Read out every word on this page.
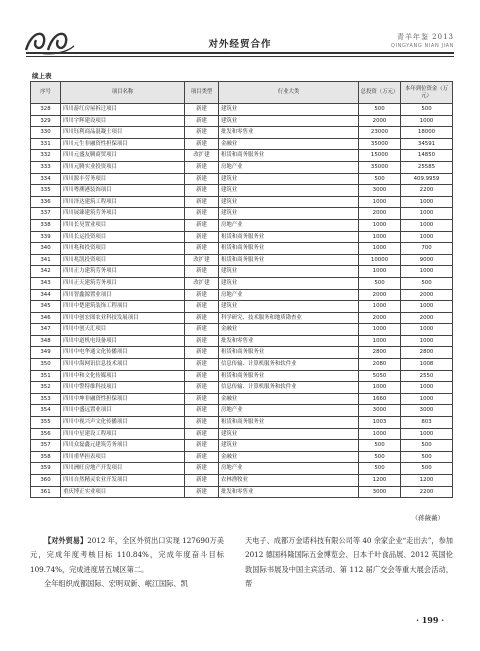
对外经贸合作
青羊年鉴 2013
QINGYANG NIAN JIAN
续上表
序号	项目名称	项目类型	行业大类	总投资（万元）	本年到位资金（万元）
328	四川游红房屋拆迁项目	新建	建筑业	500	500
329	四川宇辉建设项目	新建	建筑业	2000	1000
330	四川钰利商品混凝土项目	新建	批发和零售业	23000	18000
331	四川元生非融资性担保项目	新建	金融业	35000	34591
332	四川元盛友腾商贸项目	改扩建	租赁和商务服务业	15000	14850
333	四川元腾实业投资项目	新建	房地产业	35000	25585
334	四川源丰劳务项目	新建	建筑业	500	409.9959
335	四川粤溯港装饰项目	新建	建筑业	3000	2200
336	四川泽达建筑工程项目	新建	建筑业	1000	1000
337	四川展臻建筑劳务项目	新建	建筑业	2000	1000
338	四川长昊置业项目	新建	房地产业	1000	1000
339	四川长运投资项目	新建	租赁和商务服务业	1000	1000
340	四川兆和投资项目	新建	租赁和商务服务业	1000	700
341	四川兆凯投资项目	改扩建	租赁和商务服务业	10000	9000
342	四川正力建筑劳务项目	新建	建筑业	1000	1000
343	四川正天建筑劳务项目	改扩建	建筑业	500	500
344	四川智鑫源置业项目	新建	房地产业	2000	2000
345	四川中楚建筑装饰工程项目	新建	建筑业	1000	1000
346	四川中创宏图农业科技发展项目	新建	科学研究、技术服务和地质勘查业	2000	2000
347	四川中创天汇项目	新建	金融业	1000	1000
348	四川中道机电设备项目	新建	批发和零售业	1000	1000
349	四川中电华通文化传播项目	新建	租赁和商务服务业	2800	2800
350	四川中海网讯信息技术项目	新建	信息传输、计算机服务和软件业	2080	1008
351	四川中和文化传媒项目	新建	租赁和商务服务业	5050	2550
352	四川中警特维科技项目	新建	信息传输、计算机服务和软件业	1000	1000
353	四川中坤非融资性担保项目	新建	金融业	1660	1000
354	四川中盛远置业项目	新建	房地产业	3000	3000
355	四川中视兴声文化传播项目	新建	租赁和商务服务业	1003	803
356	四川中星建设工程项目	新建	建筑业	1000	1000
357	四川众磊鑫元建筑劳务项目	新建	建筑业	500	500
358	四川重华担表项目	新建	金融业	500	500
359	四川洲旺房地产开发项目	新建	房地产业	500	500
360	四川自然精灵农业开发项目	新建	农林渔牧业	1200	1200
361	重庆博正实业项目	新建	批发和零售业	3000	2200
（蒋薇薇）

【对外贸易】2012 年，全区外贸出口实现 127690万美元，完成年度考核目标 110.84%，完成年度奋斗目标 109.74%，完成进度居五城区第二。

全年组织成都国际、宏明双新、岷江国际、凯

天电子、成都万金诺科技有限公司等 40 余家企业“走出去”，参加 2012 德国科隆国际五金博览会、日本千叶食品展、2012 英国伦敦国际书展及中国主宾活动、第 112 届广交会等重大展会活动，帮

· 199 ·
